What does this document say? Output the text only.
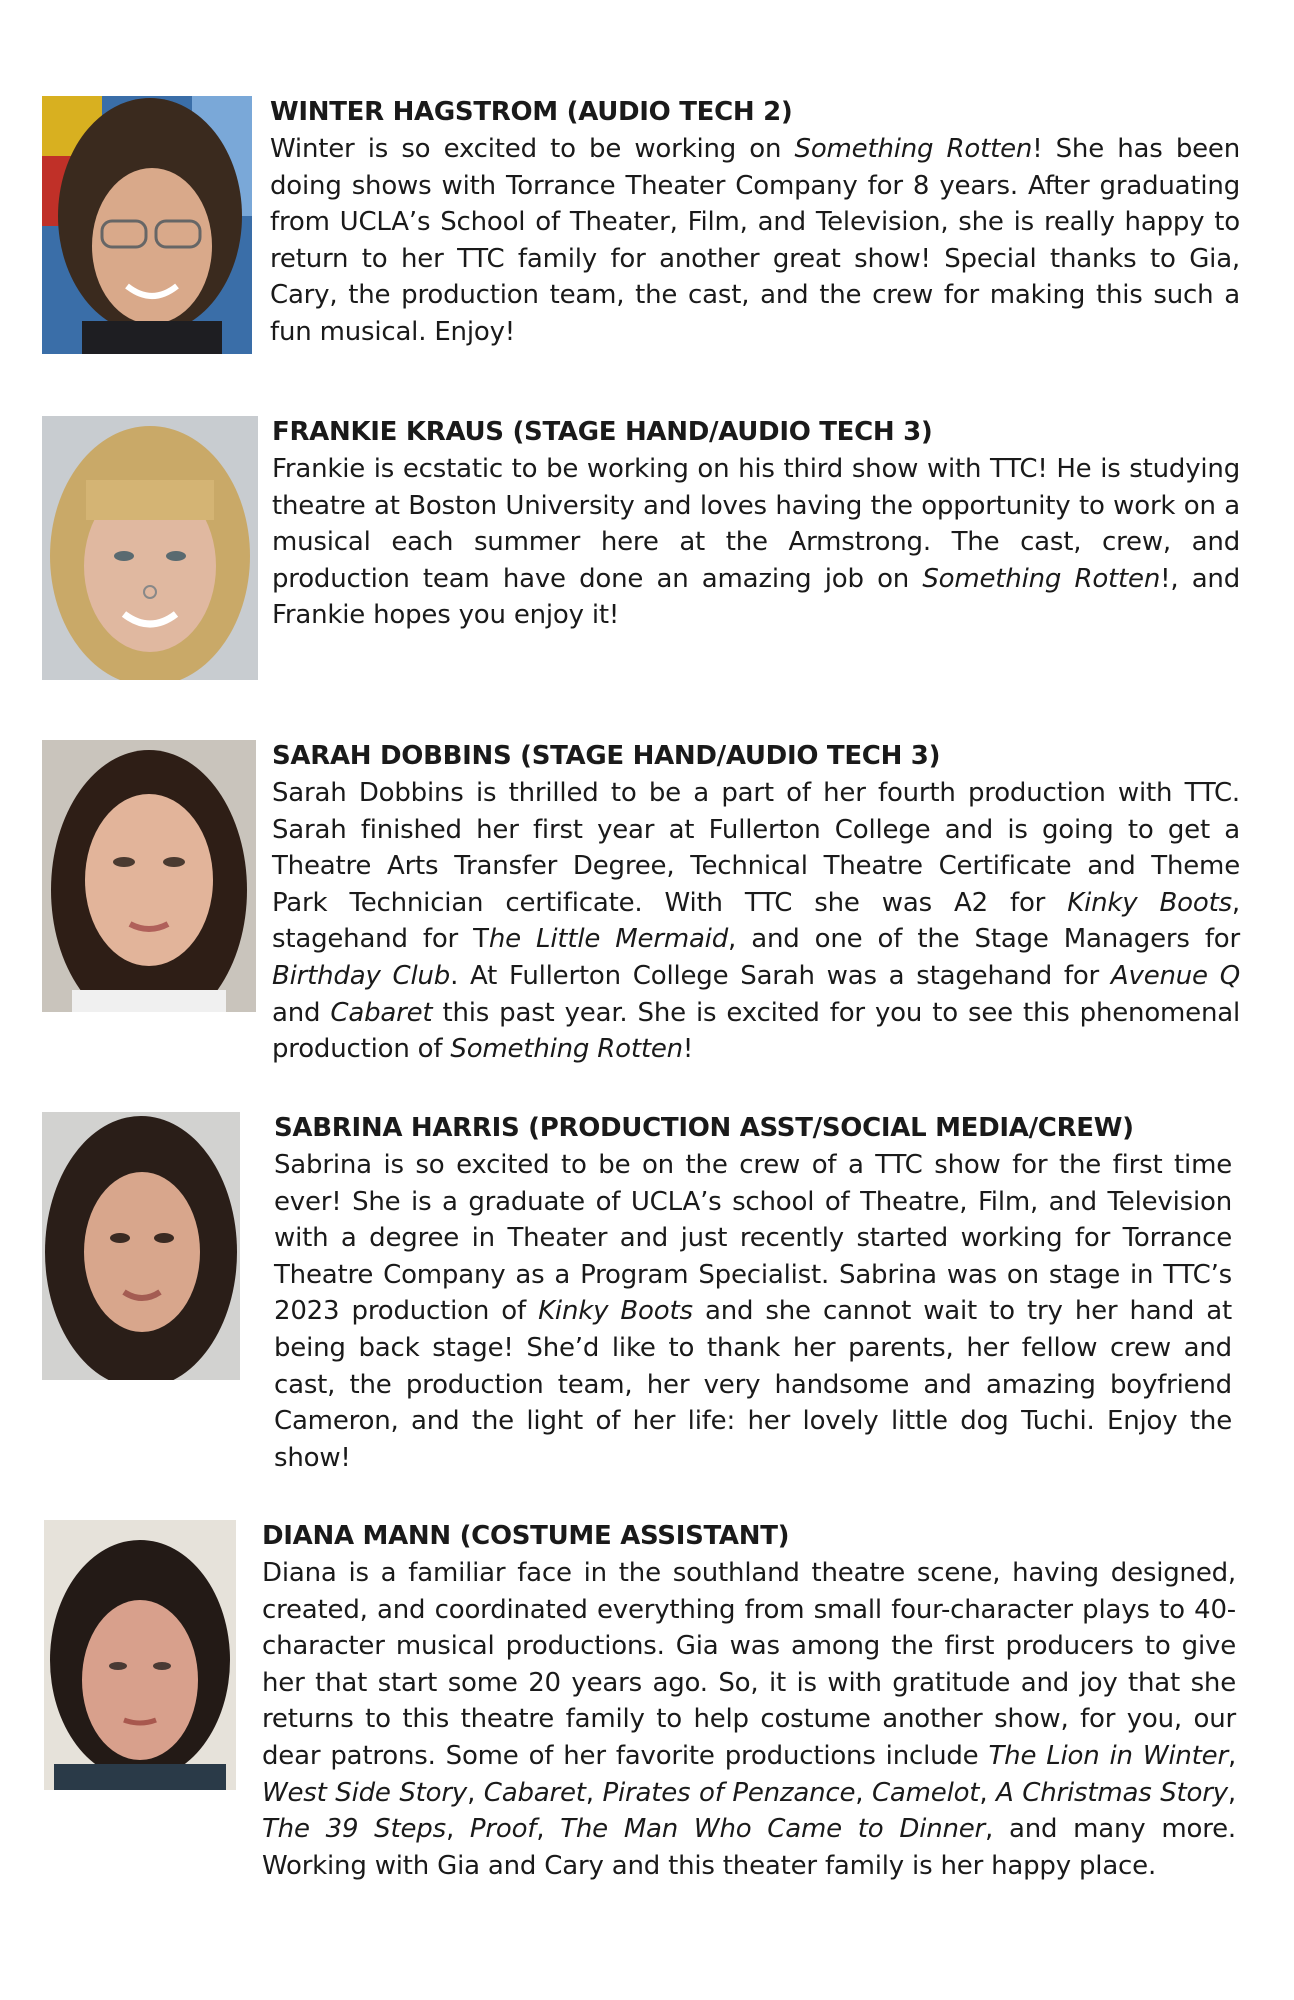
WINTER HAGSTROM (AUDIO TECH 2)

Winter is so excited to be working on Something Rotten! She has been doing shows with Torrance Theater Company for 8 years. After graduating from UCLA’s School of Theater, Film, and Television, she is really happy to return to her TTC family for another great show! Special thanks to Gia, Cary, the production team, the cast, and the crew for making this such a fun musical. Enjoy!

FRANKIE KRAUS (STAGE HAND/AUDIO TECH 3)

Frankie is ecstatic to be working on his third show with TTC! He is studying theatre at Boston University and loves having the opportunity to work on a musical each summer here at the Armstrong. The cast, crew, and production team have done an amazing job on Something Rotten!, and Frankie hopes you enjoy it!

SARAH DOBBINS (STAGE HAND/AUDIO TECH 3)

Sarah Dobbins is thrilled to be a part of her fourth production with TTC. Sarah finished her first year at Fullerton College and is going to get a Theatre Arts Transfer Degree, Technical Theatre Certificate and Theme Park Technician certificate. With TTC she was A2 for Kinky Boots, stagehand for The Little Mermaid, and one of the Stage Managers for Birthday Club. At Fullerton College Sarah was a stagehand for Avenue Q and Cabaret this past year. She is excited for you to see this phenomenal production of Something Rotten!

SABRINA HARRIS (PRODUCTION ASST/SOCIAL MEDIA/CREW)

Sabrina is so excited to be on the crew of a TTC show for the first time ever! She is a graduate of UCLA’s school of Theatre, Film, and Television with a degree in Theater and just recently started working for Torrance Theatre Company as a Program Specialist. Sabrina was on stage in TTC’s 2023 production of Kinky Boots and she cannot wait to try her hand at being back stage! She’d like to thank her parents, her fellow crew and cast, the production team, her very handsome and amazing boyfriend Cameron, and the light of her life: her lovely little dog Tuchi. Enjoy the show!

DIANA MANN (COSTUME ASSISTANT)

Diana is a familiar face in the southland theatre scene, having designed, created, and coordinated everything from small four-character plays to 40-character musical productions. Gia was among the first producers to give her that start some 20 years ago. So, it is with gratitude and joy that she returns to this theatre family to help costume another show, for you, our dear patrons. Some of her favorite productions include The Lion in Winter, West Side Story, Cabaret, Pirates of Penzance, Camelot, A Christmas Story, The 39 Steps, Proof, The Man Who Came to Dinner, and many more. Working with Gia and Cary and this theater family is her happy place.
